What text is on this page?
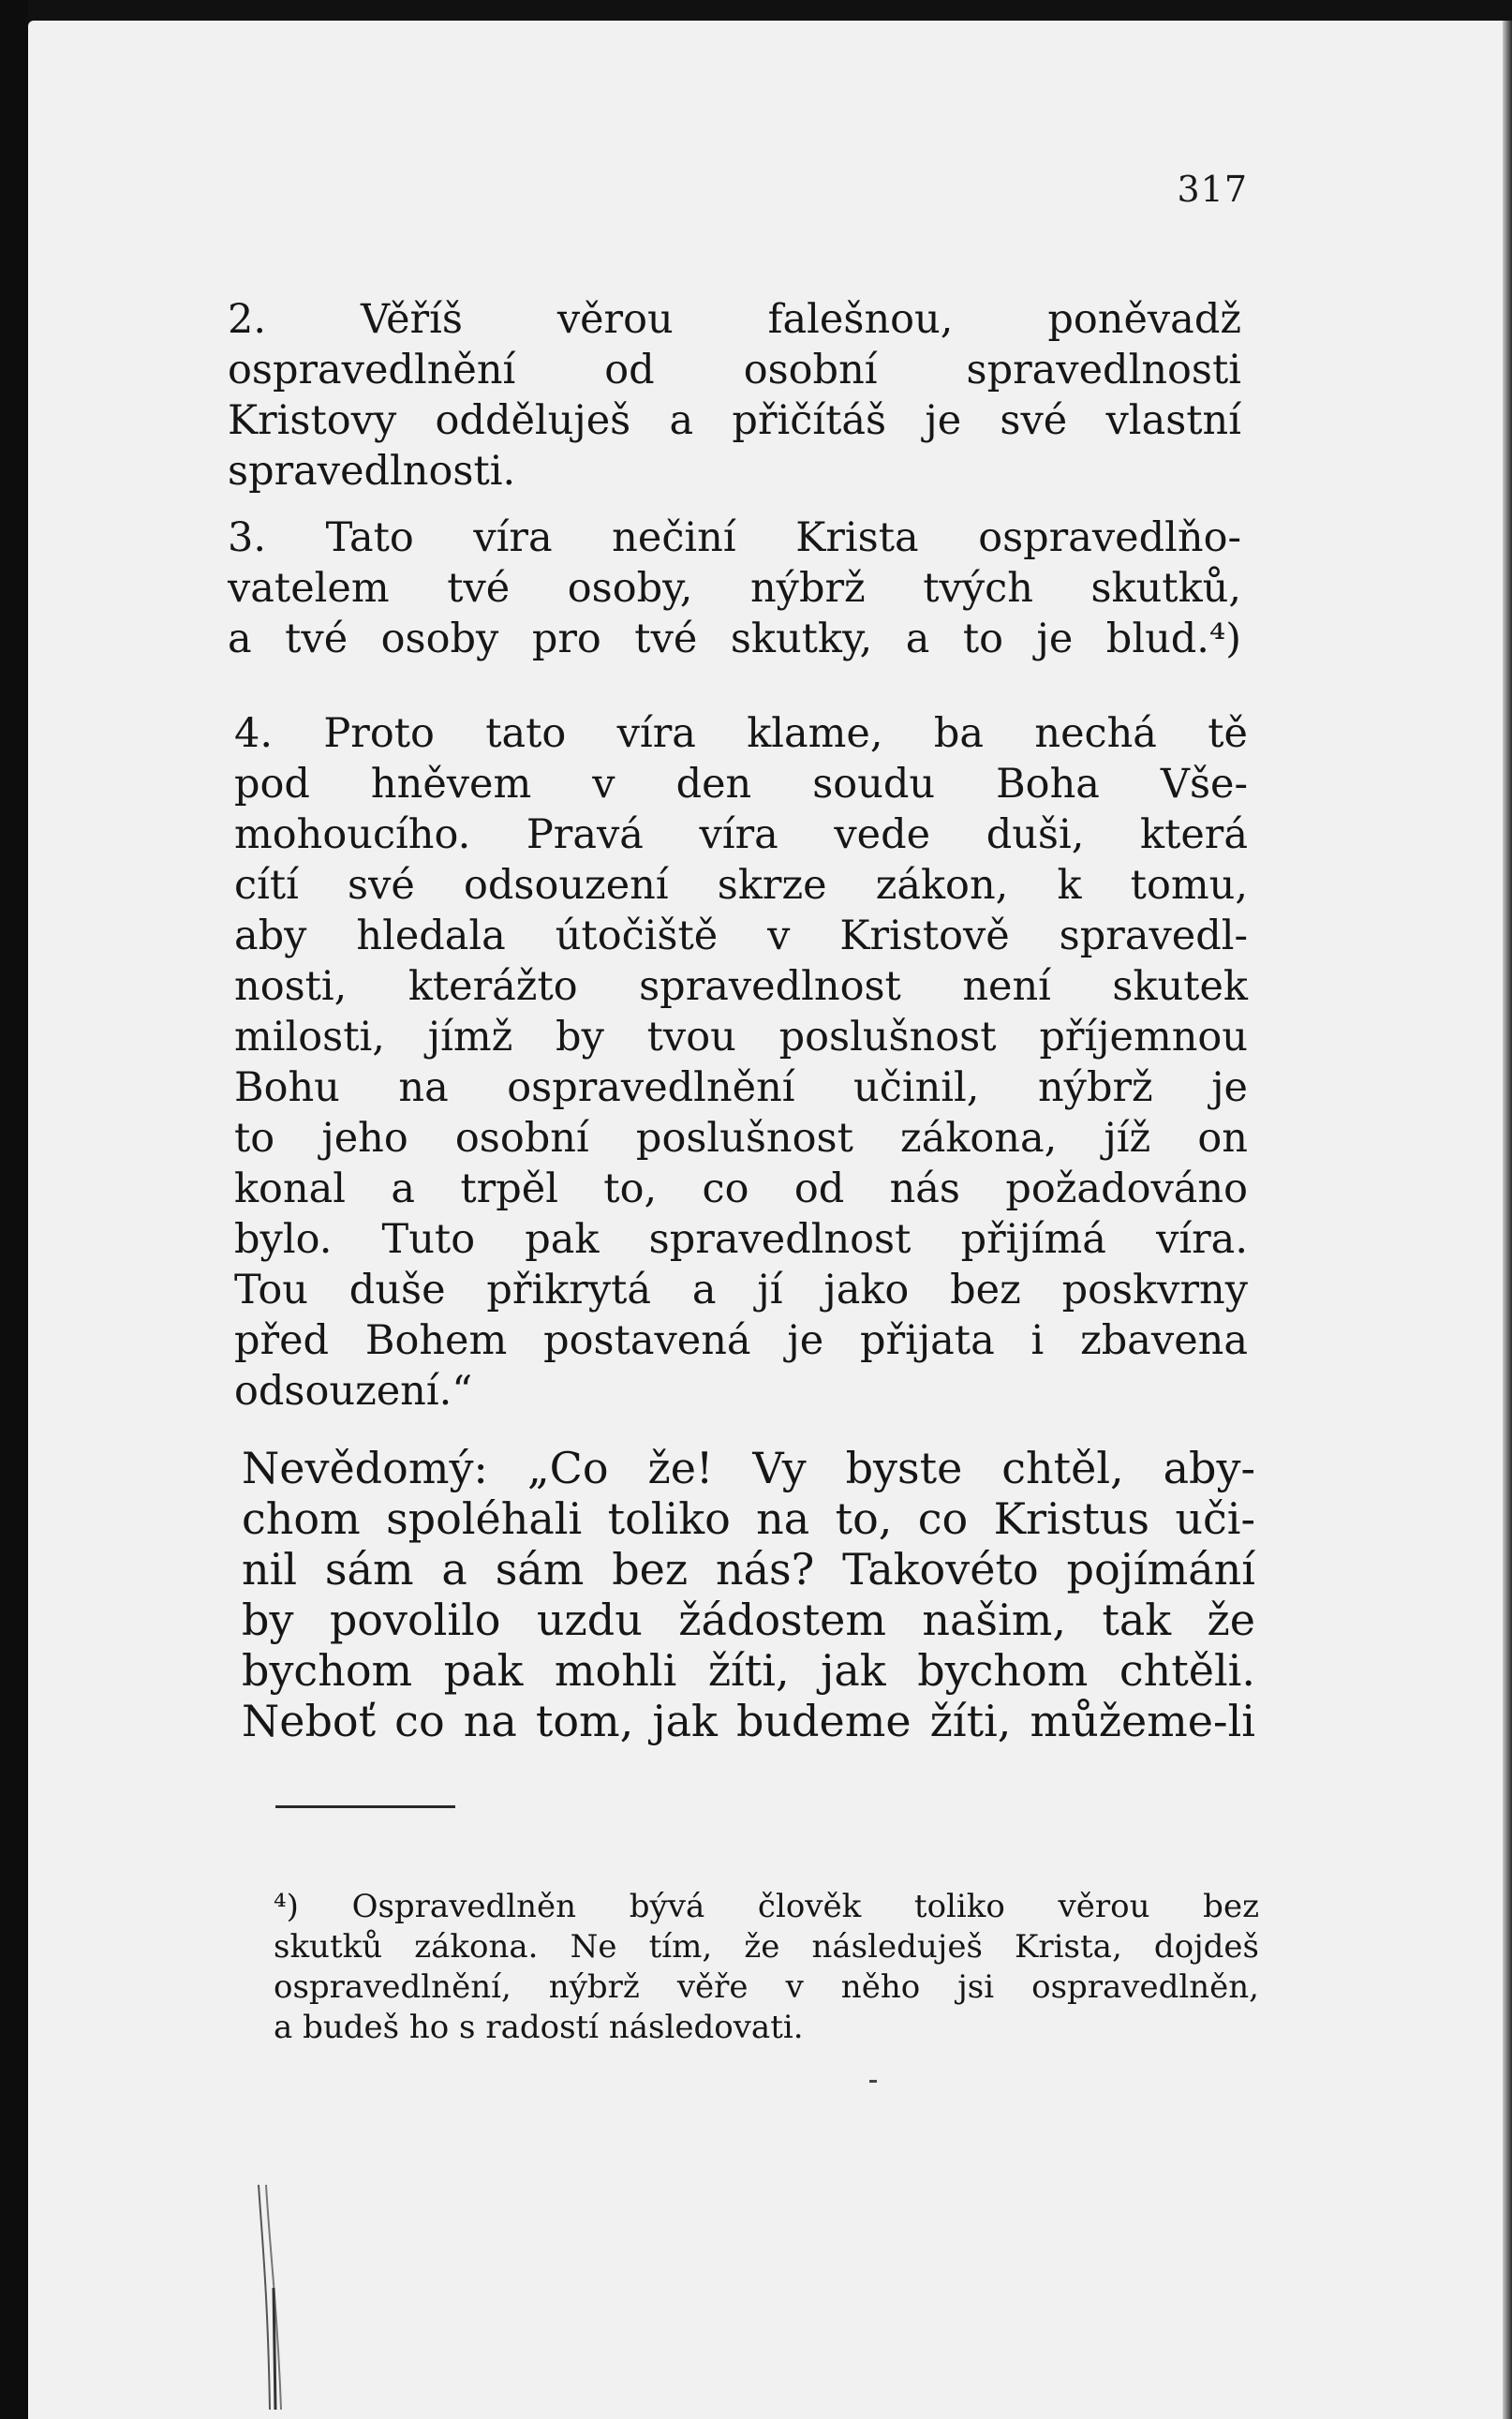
317

2. Věříš věrou falešnou, poněvadž
ospravedlnění od osobní spravedlnosti
Kristovy odděluješ a přičítáš je své vlastní
spravedlnosti.

3. Tato víra nečiní Krista ospravedlňo-
vatelem tvé osoby, nýbrž tvých skutků,
a tvé osoby pro tvé skutky, a to je blud.⁴)

4. Proto tato víra klame, ba nechá tě
pod hněvem v den soudu Boha Vše-
mohoucího. Pravá víra vede duši, která
cítí své odsouzení skrze zákon, k tomu,
aby hledala útočiště v Kristově spravedl-
nosti, kterážto spravedlnost není skutek
milosti, jímž by tvou poslušnost příjemnou
Bohu na ospravedlnění učinil, nýbrž je
to jeho osobní poslušnost zákona, jíž on
konal a trpěl to, co od nás požadováno
bylo. Tuto pak spravedlnost přijímá víra.
Tou duše přikrytá a jí jako bez poskvrny
před Bohem postavená je přijata i zbavena
odsouzení.“

Nevědomý: „Co že! Vy byste chtěl, aby-
chom spoléhali toliko na to, co Kristus uči-
nil sám a sám bez nás? Takovéto pojímání
by povolilo uzdu žádostem našim, tak že
bychom pak mohli žíti, jak bychom chtěli.
Neboť co na tom, jak budeme žíti, můžeme-li

⁴) Ospravedlněn bývá člověk toliko věrou bez
skutků zákona. Ne tím, že následuješ Krista, dojdeš
ospravedlnění, nýbrž věře v něho jsi ospravedlněn,
a budeš ho s radostí následovati.
